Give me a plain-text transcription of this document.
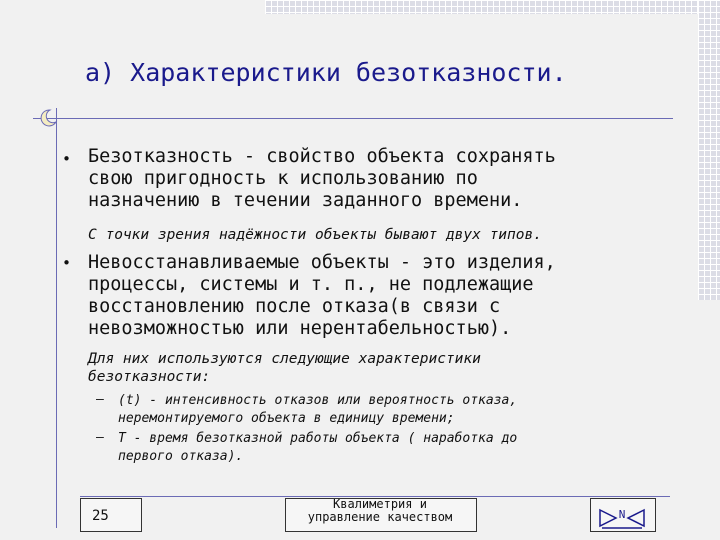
а) Характеристики безотказности.
• Безотказность - свойство объекта сохранять
свою пригодность к использованию по
назначению в течении заданного времени.
С точки зрения надёжности объекты бывают двух типов.
• Невосстанавливаемые объекты - это изделия,
процессы, системы и т. п., не подлежащие
восстановлению после отказа(в связи с
невозможностью или нерентабельностью).
Для них используются следующие характеристики
безотказности:
— (t) - интенсивность отказов или вероятность отказа,
неремонтируемого объекта в единицу времени;
— T - время безотказной работы объекта ( наработка до
первого отказа).
25
Квалиметрия и
управление качеством	N
